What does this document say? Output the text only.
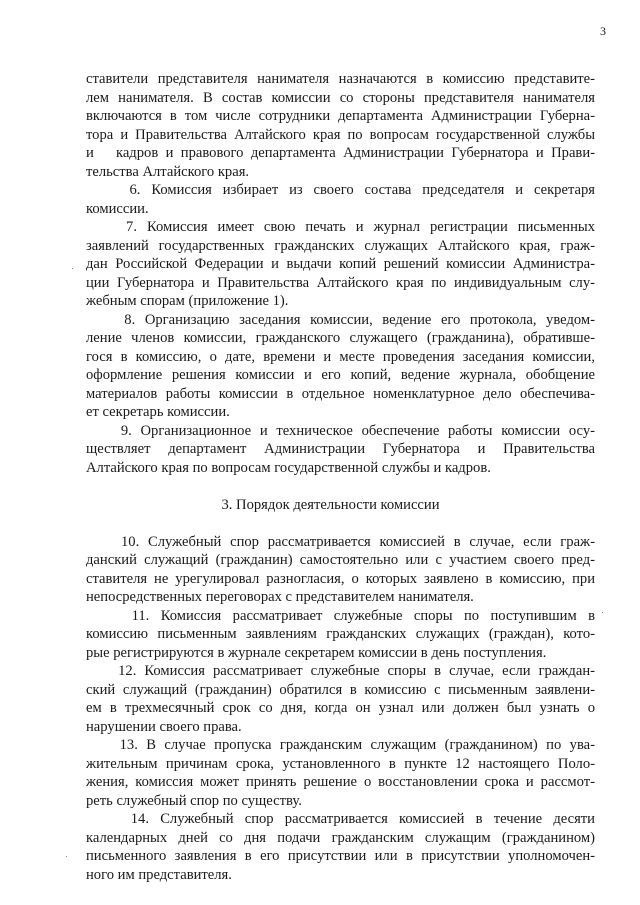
3
ставители представителя нанимателя назначаются в комиссию представите-
лем нанимателя. В состав комиссии со стороны представителя нанимателя
включаются в том числе сотрудники департамента Администрации Губерна-
тора и Правительства Алтайского края по вопросам государственной службы
и   кадров и правового департамента Администрации Губернатора и Прави-
тельства Алтайского края.
6. Комиссия избирает из своего состава председателя и секретаря
комиссии.
7. Комиссия имеет свою печать и журнал регистрации письменных
заявлений государственных гражданских служащих Алтайского края, граж-
дан Российской Федерации и выдачи копий решений комиссии Администра-
ции Губернатора и Правительства Алтайского края по индивидуальным слу-
жебным спорам (приложение 1).
8. Организацию заседания комиссии, ведение его протокола, уведом-
ление членов комиссии, гражданского служащего (гражданина), обративше-
гося в комиссию, о дате, времени и месте проведения заседания комиссии,
оформление решения комиссии и его копий, ведение журнала, обобщение
материалов работы комиссии в отдельное номенклатурное дело обеспечива-
ет секретарь комиссии.
9. Организационное и техническое обеспечение работы комиссии осу-
ществляет департамент Администрации Губернатора и Правительства
Алтайского края по вопросам государственной службы и кадров.
3. Порядок деятельности комиссии
10. Служебный спор рассматривается комиссией в случае, если граж-
данский служащий (гражданин) самостоятельно или с участием своего пред-
ставителя не урегулировал разногласия, о которых заявлено в комиссию, при
непосредственных переговорах с представителем нанимателя.
11. Комиссия рассматривает служебные споры по поступившим в
комиссию письменным заявлениям гражданских служащих (граждан), кото-
рые регистрируются в журнале секретарем комиссии в день поступления.
12. Комиссия рассматривает служебные споры в случае, если граждан-
ский служащий (гражданин) обратился в комиссию с письменным заявлени-
ем в трехмесячный срок со дня, когда он узнал или должен был узнать о
нарушении своего права.
13. В случае пропуска гражданским служащим (гражданином) по ува-
жительным причинам срока, установленного в пункте 12 настоящего Поло-
жения, комиссия может принять решение о восстановлении срока и рассмот-
реть служебный спор по существу.
14. Служебный спор рассматривается комиссией в течение десяти
календарных дней со дня подачи гражданским служащим (гражданином)
письменного заявления в его присутствии или в присутствии уполномочен-
ного им представителя.
